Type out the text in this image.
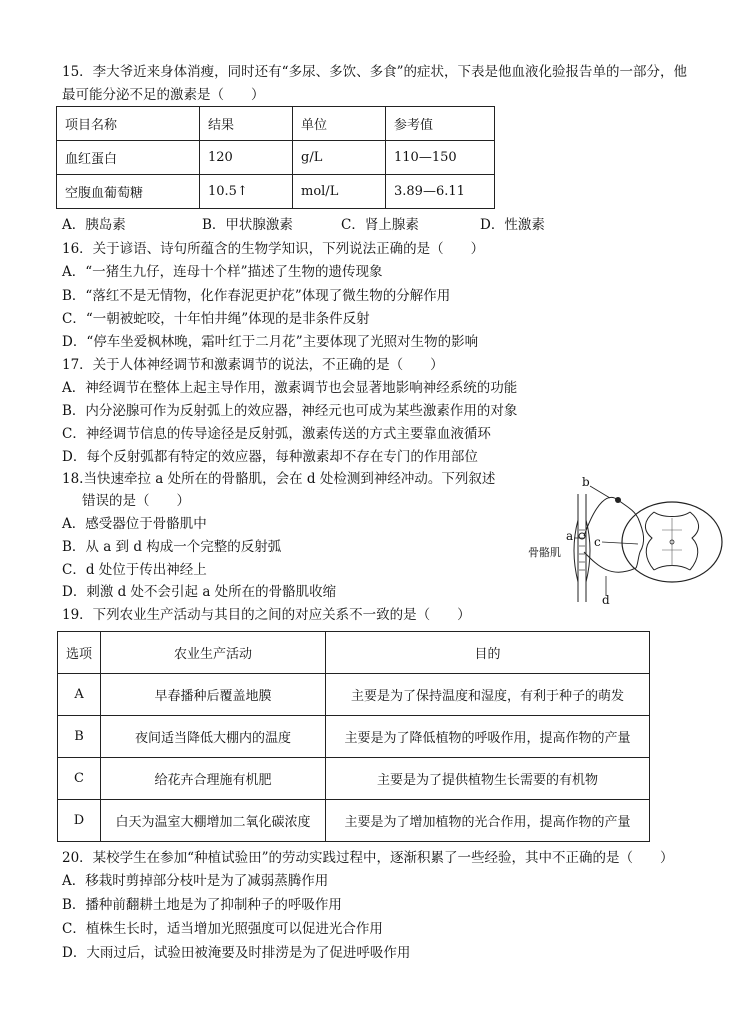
15．李大爷近来身体消瘦，同时还有“多尿、多饮、多食”的症状，下表是他血液化验报告单的一部分，他
最可能分泌不足的激素是（　　）
项目名称	结果	单位	参考值
血红蛋白	120	g/L	110—150
空腹血葡萄糖	10.5↑	mol/L	3.89—6.11
A．胰岛素	B．甲状腺激素	C．肾上腺素	D．性激素
16．关于谚语、诗句所蕴含的生物学知识，下列说法正确的是（　　）
A．“一猪生九仔，连母十个样”描述了生物的遗传现象
B．“落红不是无情物，化作春泥更护花”体现了微生物的分解作用
C．“一朝被蛇咬，十年怕井绳”体现的是非条件反射
D．“停车坐爱枫林晚，霜叶红于二月花”主要体现了光照对生物的影响
17．关于人体神经调节和激素调节的说法，不正确的是（　　）
A．神经调节在整体上起主导作用，激素调节也会显著地影响神经系统的功能
B．内分泌腺可作为反射弧上的效应器，神经元也可成为某些激素作用的对象
C．神经调节信息的传导途径是反射弧，激素传送的方式主要靠血液循环
D．每个反射弧都有特定的效应器，每种激素却不存在专门的作用部位
18.当快速牵拉 a 处所在的骨骼肌，会在 d 处检测到神经冲动。下列叙述
错误的是（　　）
A．感受器位于骨骼肌中
B．从 a 到 d 构成一个完整的反射弧
C．d 处位于传出神经上
D．刺激 d 处不会引起 a 处所在的骨骼肌收缩
b
a c
d
骨骼肌
19．下列农业生产活动与其目的之间的对应关系不一致的是（　　）
选项	农业生产活动	目的
A	早春播种后覆盖地膜	主要是为了保持温度和湿度，有利于种子的萌发
B	夜间适当降低大棚内的温度	主要是为了降低植物的呼吸作用，提高作物的产量
C	给花卉合理施有机肥	主要是为了提供植物生长需要的有机物
D	白天为温室大棚增加二氧化碳浓度	主要是为了增加植物的光合作用，提高作物的产量
20．某校学生在参加“种植试验田”的劳动实践过程中，逐渐积累了一些经验，其中不正确的是（　　）
A．移栽时剪掉部分枝叶是为了减弱蒸腾作用
B．播种前翻耕土地是为了抑制种子的呼吸作用
C．植株生长时，适当增加光照强度可以促进光合作用
D．大雨过后，试验田被淹要及时排涝是为了促进呼吸作用
